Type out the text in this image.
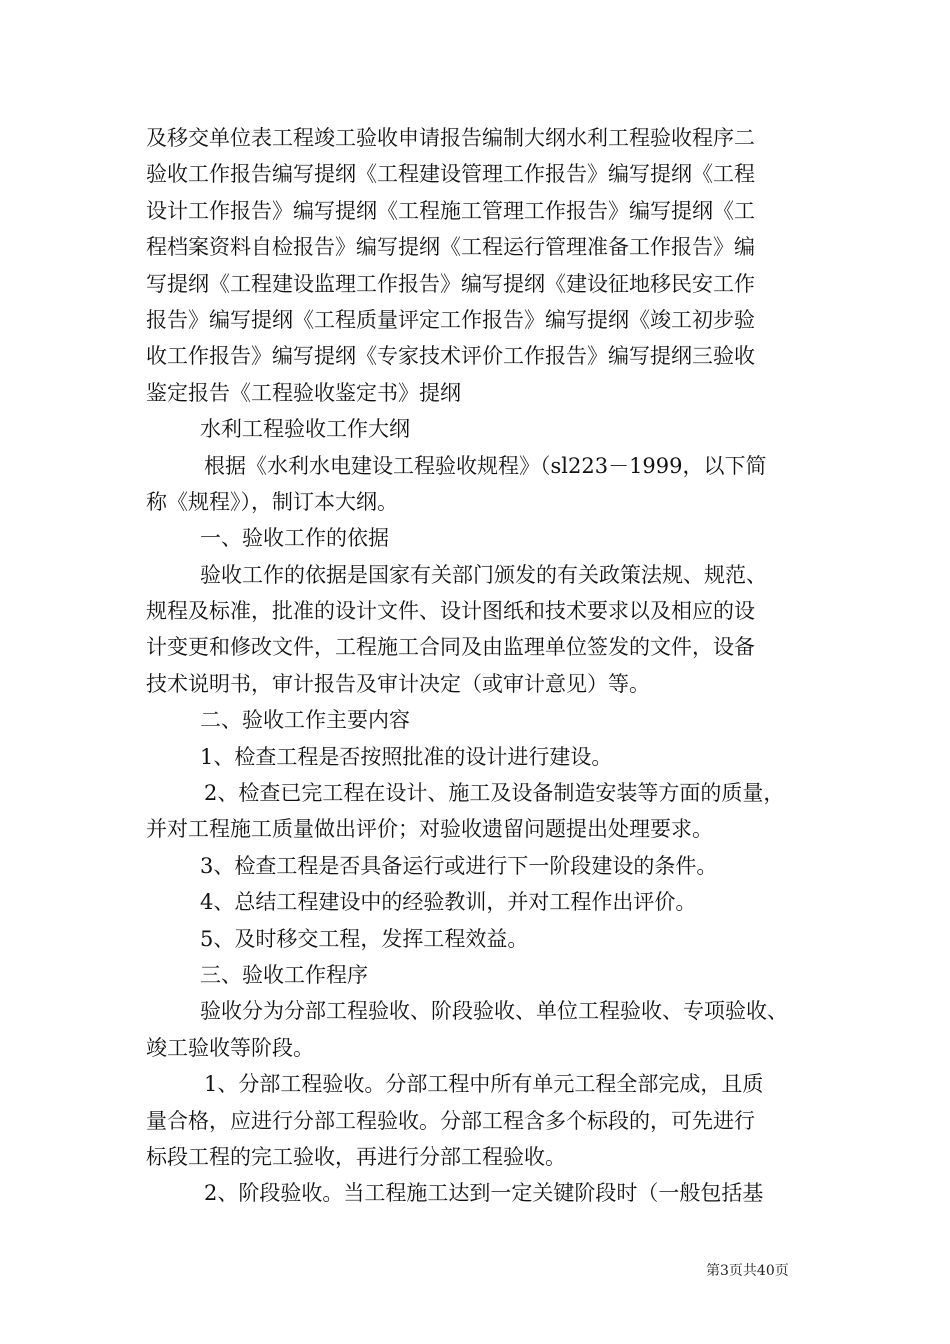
及移交单位表工程竣工验收申请报告编制大纲水利工程验收程序二
验收工作报告编写提纲《工程建设管理工作报告》编写提纲《工程
设计工作报告》编写提纲《工程施工管理工作报告》编写提纲《工
程档案资料自检报告》编写提纲《工程运行管理准备工作报告》编
写提纲《工程建设监理工作报告》编写提纲《建设征地移民安工作
报告》编写提纲《工程质量评定工作报告》编写提纲《竣工初步验
收工作报告》编写提纲《专家技术评价工作报告》编写提纲三验收
鉴定报告《工程验收鉴定书》提纲
水利工程验收工作大纲
根据《水利水电建设工程验收规程》（sl223－1999，以下简
称《规程》），制订本大纲。
一、验收工作的依据
验收工作的依据是国家有关部门颁发的有关政策法规、规范、
规程及标准，批准的设计文件、设计图纸和技术要求以及相应的设
计变更和修改文件，工程施工合同及由监理单位签发的文件，设备
技术说明书，审计报告及审计决定（或审计意见）等。
二、验收工作主要内容
1、检查工程是否按照批准的设计进行建设。
2、检查已完工程在设计、施工及设备制造安装等方面的质量，
并对工程施工质量做出评价；对验收遗留问题提出处理要求。
3、检查工程是否具备运行或进行下一阶段建设的条件。
4、总结工程建设中的经验教训，并对工程作出评价。
5、及时移交工程，发挥工程效益。
三、验收工作程序
验收分为分部工程验收、阶段验收、单位工程验收、专项验收、
竣工验收等阶段。
1、分部工程验收。分部工程中所有单元工程全部完成，且质
量合格，应进行分部工程验收。分部工程含多个标段的，可先进行
标段工程的完工验收，再进行分部工程验收。
2、阶段验收。当工程施工达到一定关键阶段时（一般包括基
第3页共40页
